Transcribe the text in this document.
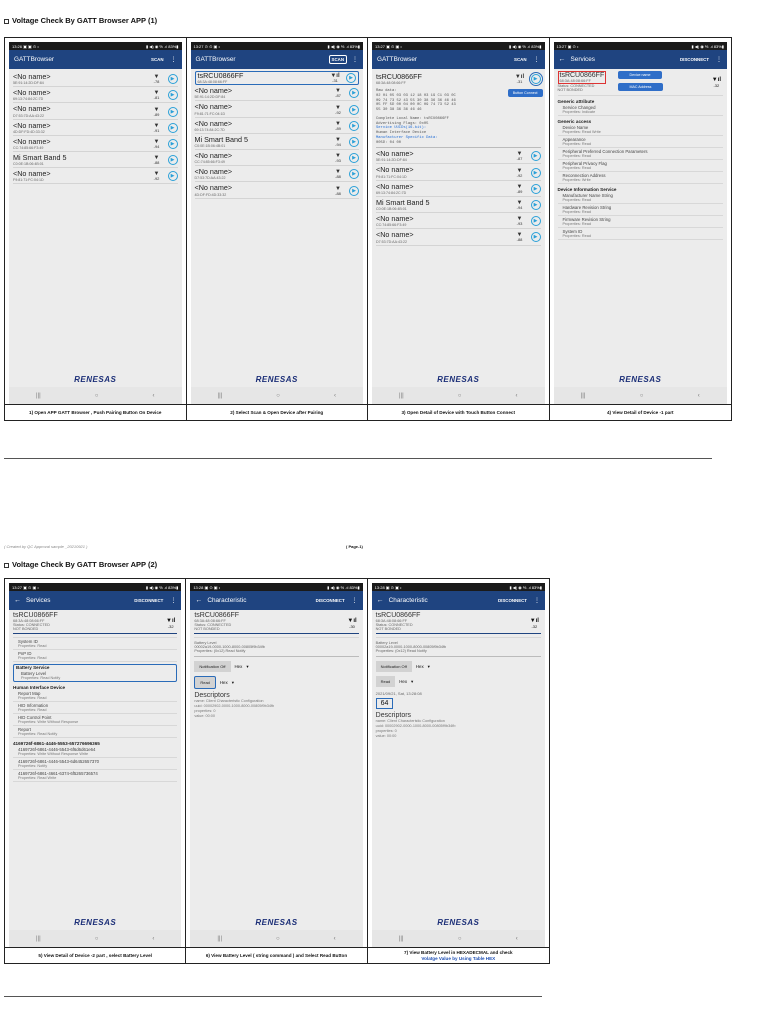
Voltage Check By GATT Browser APP (1)
13:26 ▣ ▣ ⊙ •	▮ ◀) ◉ ℅ .ıl 83%▮
GATTBrowser	SCAN	⋮
<No name>
5E:91:14:2D:DF:84
▼
-78	▶
<No name>
69:13:74:84:2C:7D
▼
-81	▶
<No name>
D7:53:7D:AA:43:22
▼
-89	▶
<No name>
4D:DF:FD:4D:33:32
▼
-91	▶
<No name>
CC:74:85:66:F3:49
▼
-94	▶
Mi Smart Band 5
C0:0E:1B:06:4B:01
▼
-88	▶
<No name>
F9:81:71:FC:04:1D
▼
-92	▶
RENESAS
|||	○	‹
1) Open APP GATT Browser , Push Pairing Button On Device
13:27 ⊙ ⊙ ▣ •	▮ ◀) ◉ ℅ .ıl 83%▮
GATTBrowser	SCAN	⋮
tsRCU0866FF
68:3A:48:08:66:FF
▼ıl
-31	▶
<No name>
5E:91:14:2D:DF:84
▼
-87	▶
<No name>
F9:81:71:FC:04:1D
▼
-92	▶
<No name>
69:13:74:84:2C:7D
▼
-89	▶
Mi Smart Band 5
C0:0E:1B:06:4B:01
▼
-94	▶
<No name>
CC:74:85:66:F3:49
▼
-93	▶
<No name>
D7:53:7D:AA:43:22
▼
-88	▶
<No name>
4D:DF:FD:4D:33:32
▼
-88	▶
RENESAS
|||	○	‹
2) Select Scan & Open Device after Pairing
13:27 ▣ ⊙ ▣ •	▮ ◀) ◉ ℅ .ıl 83%▮
GATTBrowser	SCAN	⋮
tsRCU0866FF
68:3A:48:08:66:FF
▼ıl
-31	▶
Button Connect
Raw data:
02 01 05 03 03 12 18 03 19 C1 03 0C
09 74 73 52 43 55 30 38 36 36 46 46
05 FF 5D 00 04 00 0C 09 74 73 52 43
55 30 38 36 36 46 46
Complete Local Name: tsRCU0866FF
Advertising Flags: 0x05
Service UUIDs(16-bit):
Human Interface Device
Manufacturer Specific Data:
005D: 04 00
<No name>
5E:91:14:2D:DF:84
▼
-87	▶
<No name>
F9:81:71:FC:04:1D
▼
-92	▶
<No name>
69:13:74:84:2C:7D
▼
-89	▶
Mi Smart Band 5
C0:0E:1B:06:4B:01
▼
-94	▶
<No name>
CC:74:85:66:F3:49
▼
-93	▶
<No name>
D7:53:7D:AA:43:22
▼
-88	▶
RENESAS
|||	○	‹
3) Open Detail of Device with Touch Button Connect
13:27 ▣ ⊙ •	▮ ◀) ◉ ℅ .ıl 83%▮
← Services	DISCONNECT	⋮
tsRCU0866FF
68:3A:48:08:66:FF
Status: CONNECTED
NOT BONDED
▼ıl
-32
Device name
MAC Address
Generic attribute
Service Changed
Properties: Indicate
Generic access
Device Name
Properties: Read Write
Appearance
Properties: Read
Peripheral Preferred Connection Parameters
Properties: Read
Peripheral Privacy Flag
Properties: Read
Reconnection Address
Properties: Write
Device Information Service
Manufacturer Name String
Properties: Read
Hardware Revision String
Properties: Read
Firmware Revision String
Properties: Read
System ID
Properties: Read
RENESAS
|||	○	‹
4) View Detail of Device -1 part
( Created by QC Approval sample _20210921 )	( Page-1)
Voltage Check By GATT Browser APP (2)
13:27 ▣ ⊙ ▣ •	▮ ◀) ◉ ℅ .ıl 83%▮
← Services	DISCONNECT	⋮
tsRCU0866FF
68:3A:48:08:66:FF
Status: CONNECTED
NOT BONDED
▼ıl
-32
System ID
Properties: Read
PnP ID
Properties: Read
Battery Service
Battery Level
Properties: Read Notify
Human Interface Device
Report Map
Properties: Read
HID Information
Properties: Read
HID Control Point
Properties: Write Without Response
Report
Properties: Read Notify
4169726f-6861-4446-5553-657276696365
4169726f-6861-4446-5543-6f6d6d61e64
Properties: Write Without Response Write
4169726f-6861-4446-5543-6d6452657370
Properties: Notify
4169726f-6861-4661-6374-6f5265736574
Properties: Read Write
RENESAS
|||	○	‹
5) View Detail of Device -2 part , select Battery Level
13:28 ▣ ⊙ ▣ •	▮ ◀) ◉ ℅ .ıl 83%▮
← Characteristic	DISCONNECT	⋮
tsRCU0866FF
68:3A:48:08:66:FF
Status: CONNECTED
NOT BONDED
▼ıl
-30
Battery Level
00002a19-0000-1000-8000-00805f9b34fb
Properties: (0x12) Read Notify
Notification Off	Hex ▾
Read	Hex ▾
Descriptors
name: Client Characteristic Configuration
uuid: 00002902-0000-1000-8000-00805f9b34fb
properties: 0
value: 00:00
RENESAS
|||	○	‹
6) View Battery Level ( string command ) and Select Read Button
13:28 ▣ ⊙ ▣ •	▮ ◀) ◉ ℅ .ıl 83%▮
← Characteristic	DISCONNECT	⋮
tsRCU0866FF
68:3A:48:08:66:FF
Status: CONNECTED
NOT BONDED
▼ıl
-32
Battery Level
00002a19-0000-1000-8000-00805f9b34fb
Properties: (0x12) Read Notify
Notification Off	Hex ▾
Read	Hex ▾
2021/09/21, Sat, 13:28:08
64
Descriptors
name: Client Characteristic Configuration
uuid: 00002902-0000-1000-8000-00805f9b34fb
properties: 0
value: 00:00
RENESAS
|||	○	‹
7) View Battery Level in HEXADECMAL and check
Volatge Value by Using Table HEX
